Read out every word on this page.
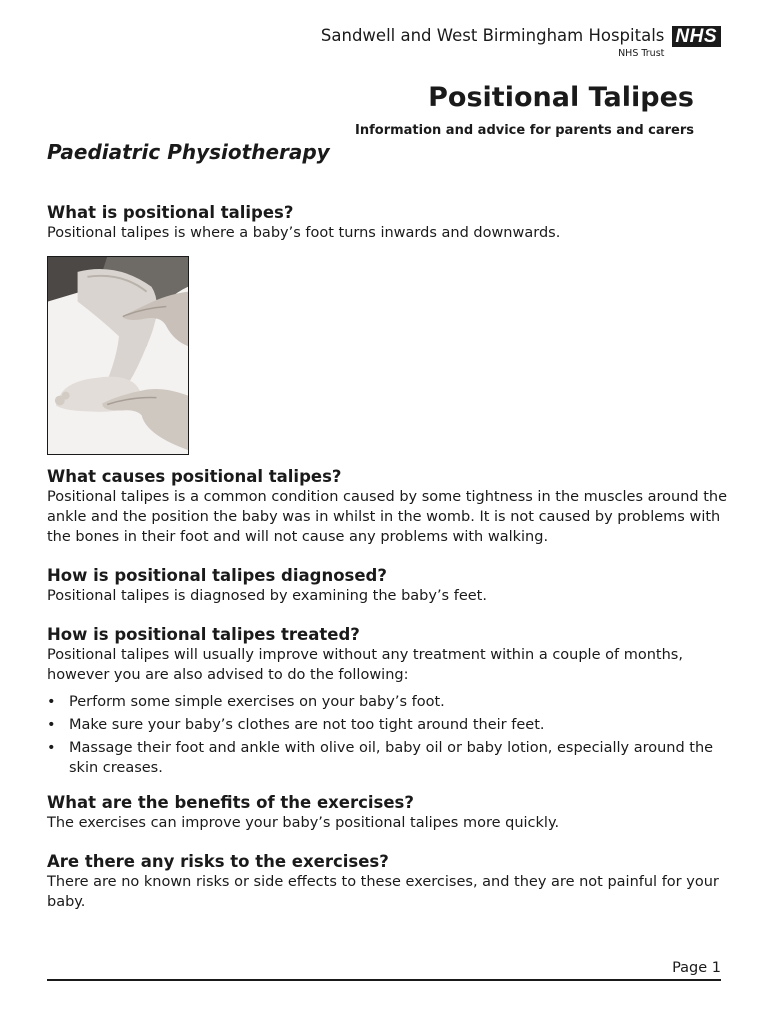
Sandwell and West Birmingham Hospitals
NHS Trust
NHS
Positional Talipes
Information and advice for parents and carers
Paediatric Physiotherapy
What is positional talipes?
Positional talipes is where a baby’s foot turns inwards and downwards.
What causes positional talipes?
Positional talipes is a common condition caused by some tightness in the muscles around the ankle and the position the baby was in whilst in the womb. It is not caused by problems with the bones in their foot and will not cause any problems with walking.
How is positional talipes diagnosed?
Positional talipes is diagnosed by examining the baby’s feet.
How is positional talipes treated?
Positional talipes will usually improve without any treatment within a couple of months, however you are also advised to do the following:
• Perform some simple exercises on your baby’s foot.
• Make sure your baby’s clothes are not too tight around their feet.
• Massage their foot and ankle with olive oil, baby oil or baby lotion, especially around the skin creases.
What are the benefits of the exercises?
The exercises can improve your baby’s positional talipes more quickly.
Are there any risks to the exercises?
There are no known risks or side effects to these exercises, and they are not painful for your baby.
Page 1
